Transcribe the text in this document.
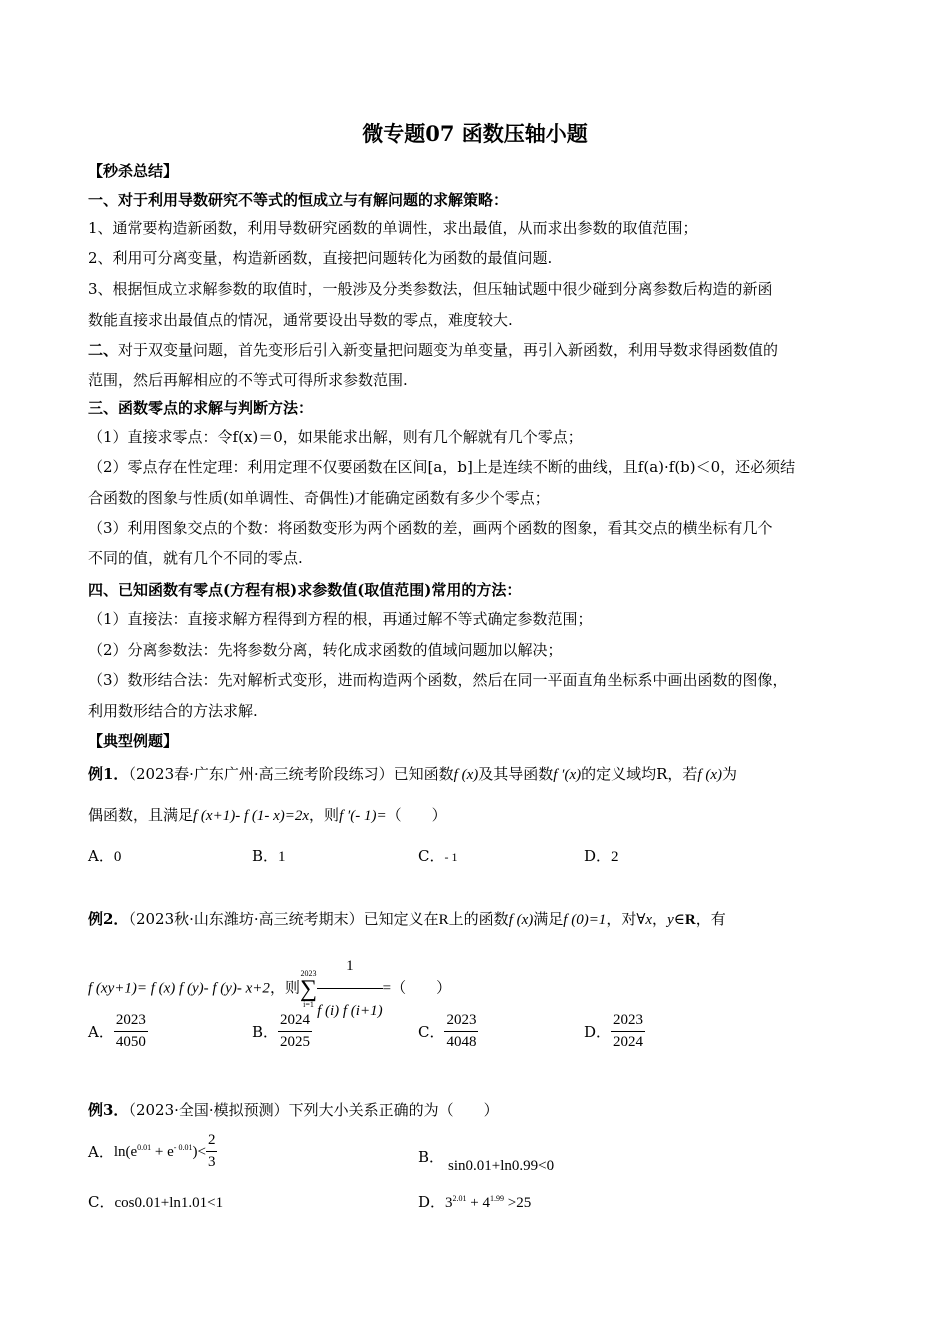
微专题07 函数压轴小题
【秒杀总结】
一、对于利用导数研究不等式的恒成立与有解问题的求解策略：
1、通常要构造新函数，利用导数研究函数的单调性，求出最值，从而求出参数的取值范围；
2、利用可分离变量，构造新函数，直接把问题转化为函数的最值问题.
3、根据恒成立求解参数的取值时，一般涉及分类参数法，但压轴试题中很少碰到分离参数后构造的新函
数能直接求出最值点的情况，通常要设出导数的零点，难度较大.
二、对于双变量问题，首先变形后引入新变量把问题变为单变量，再引入新函数，利用导数求得函数值的
范围，然后再解相应的不等式可得所求参数范围.
三、函数零点的求解与判断方法：
（1）直接求零点：令f(x)＝0，如果能求出解，则有几个解就有几个零点；
（2）零点存在性定理：利用定理不仅要函数在区间[a，b]上是连续不断的曲线，且f(a)·f(b)＜0，还必须结
合函数的图象与性质(如单调性、奇偶性)才能确定函数有多少个零点；
（3）利用图象交点的个数：将函数变形为两个函数的差，画两个函数的图象，看其交点的横坐标有几个
不同的值，就有几个不同的零点.
四、已知函数有零点(方程有根)求参数值(取值范围)常用的方法：
（1）直接法：直接求解方程得到方程的根，再通过解不等式确定参数范围；
（2）分离参数法：先将参数分离，转化成求函数的值域问题加以解决；
（3）数形结合法：先对解析式变形，进而构造两个函数，然后在同一平面直角坐标系中画出函数的图像，
利用数形结合的方法求解.
【典型例题】
例1．（2023春·广东广州·高三统考阶段练习）已知函数f (x)及其导函数f ′(x)的定义域均R，若f (x)为
偶函数，且满足f (x+1)- f (1- x)=2x，则f ′(- 1)=（　　）
A．0	B．1	C．- 1	D．2
例2．（2023秋·山东潍坊·高三统考期末）已知定义在R上的函数f (x)满足f (0)=1，对∀x，y∈R，有
f (xy+1)= f (x) f (y)- f (y)- x+2，则2023
∑
$i=1 \frac{1}{f (i) f (i+1)}$ =（　　）
A． $\frac{2023}{4050}$	B． $\frac{2024}{2025}$	C． $\frac{2023}{4048}$	D． $\frac{2023}{2024}$
例3．（2023·全国·模拟预测）下列大小关系正确的为（　　）
A．$\ln(e^{0.01} + e^{- 0.01})< \frac{2}{3}$	B． sin0.01+ln0.99<0
C．cos0.01+ln1.01<1	D．$3^{2.01} + 4^{1.99} >25$
